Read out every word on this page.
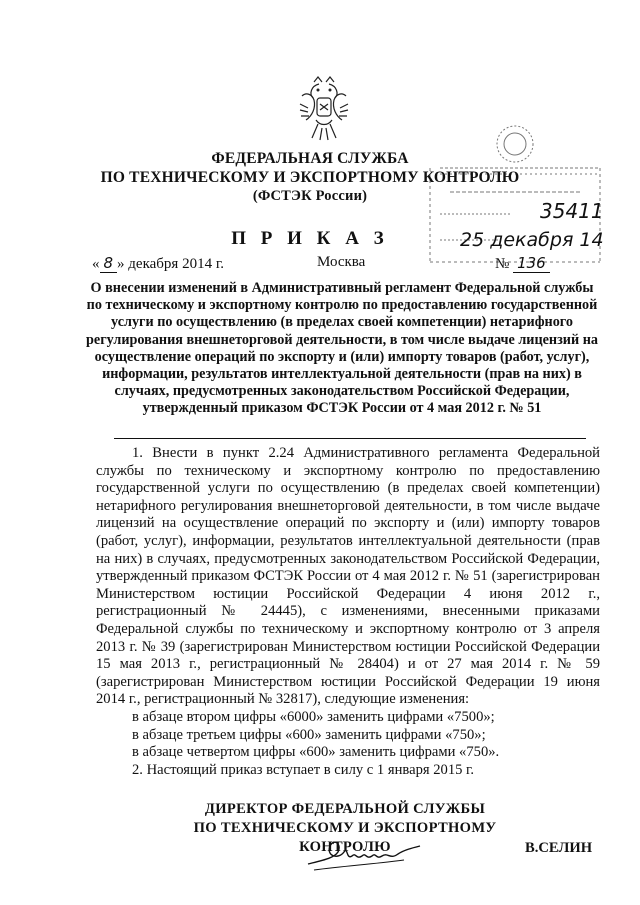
35411
25 декабря 14
ФЕДЕРАЛЬНАЯ СЛУЖБА
ПО ТЕХНИЧЕСКОМУ И ЭКСПОРТНОМУ КОНТРОЛЮ
(ФСТЭК России)
П Р И К А З
« 8 » декабря 2014 г.	Москва	№ 136
О внесении изменений в Административный регламент Федеральной службы по техническому и экспортному контролю по предоставлению государственной услуги по осуществлению (в пределах своей компетенции) нетарифного регулирования внешнеторговой деятельности, в том числе выдаче лицензий на осуществление операций по экспорту и (или) импорту товаров (работ, услуг), информации, результатов интеллектуальной деятельности (прав на них) в случаях, предусмотренных законодательством Российской Федерации, утвержденный приказом ФСТЭК России от 4 мая 2012 г. № 51

1. Внести в пункт 2.24 Административного регламента Федеральной службы по техническому и экспортному контролю по предоставлению государственной услуги по осуществлению (в пределах своей компетенции) нетарифного регулирования внешнеторговой деятельности, в том числе выдаче лицензий на осуществление операций по экспорту и (или) импорту товаров (работ, услуг), информации, результатов интеллектуальной деятельности (прав на них) в случаях, предусмотренных законодательством Российской Федерации, утвержденный приказом ФСТЭК России от 4 мая 2012 г. № 51 (зарегистрирован Министерством юстиции Российской Федерации 4 июня 2012 г., регистрационный № 24445), с изменениями, внесенными приказами Федеральной службы по техническому и экспортному контролю от 3 апреля 2013 г. № 39 (зарегистрирован Министерством юстиции Российской Федерации 15 мая 2013 г., регистрационный № 28404) и от 27 мая 2014 г. № 59 (зарегистрирован Министерством юстиции Российской Федерации 19 июня 2014 г., регистрационный № 32817), следующие изменения:

в абзаце втором цифры «6000» заменить цифрами «7500»;

в абзаце третьем цифры «600» заменить цифрами «750»;

в абзаце четвертом цифры «600» заменить цифрами «750».

2. Настоящий приказ вступает в силу с 1 января 2015 г.

ДИРЕКТОР ФЕДЕРАЛЬНОЙ СЛУЖБЫ
ПО ТЕХНИЧЕСКОМУ И ЭКСПОРТНОМУ КОНТРОЛЮ	В.СЕЛИН
